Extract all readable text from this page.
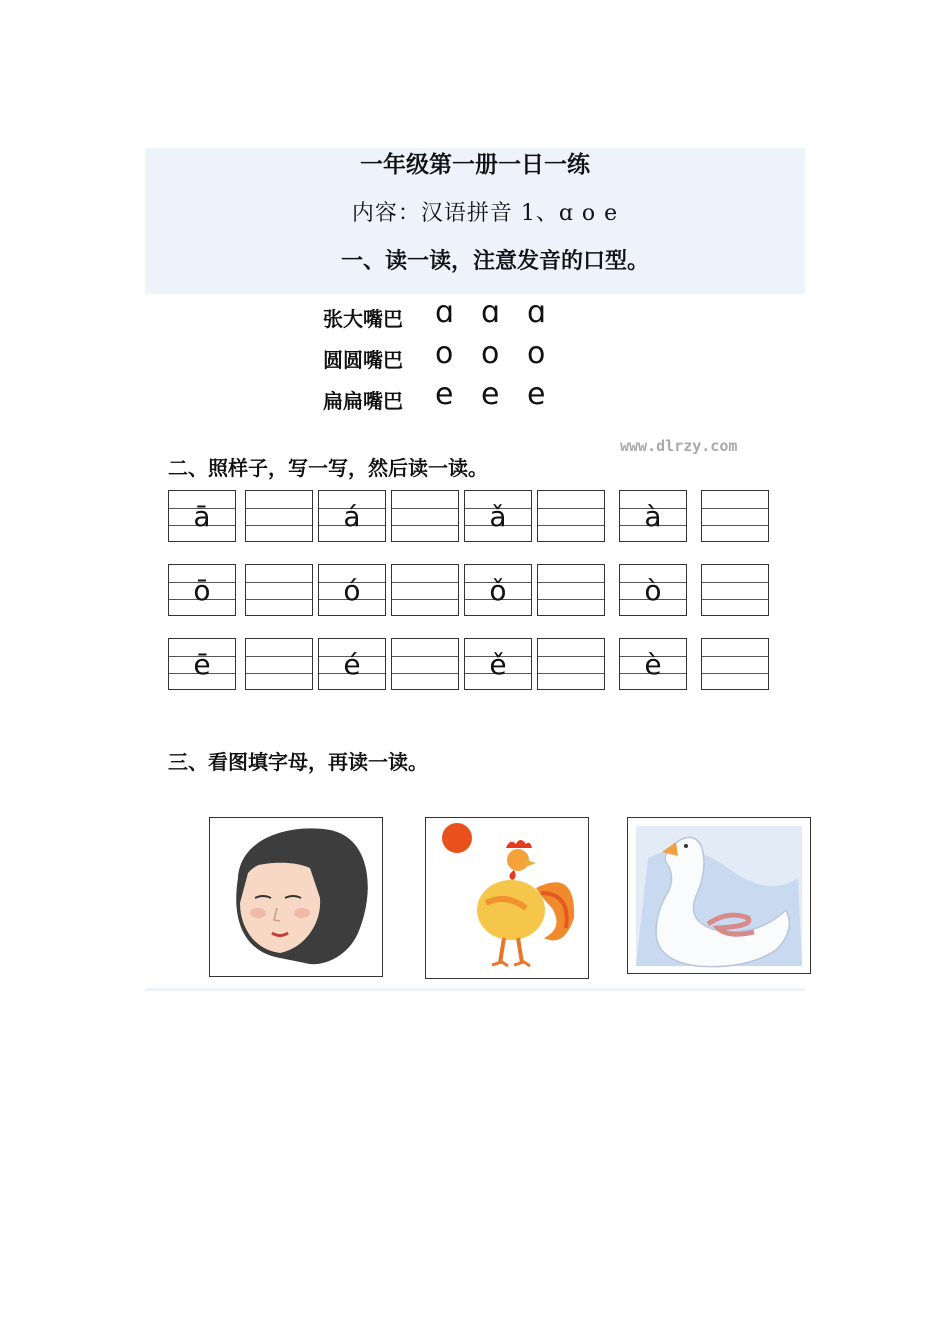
一年级第一册一日一练
内容：汉语拼音 1、ɑ o e
一、读一读，注意发音的口型。
张大嘴巴	ɑ ɑ ɑ
圆圆嘴巴	o o o
扁扁嘴巴	e e e
www.dlrzy.com
二、照样子，写一写，然后读一读。
ā	á	ǎ	à
ō	ó	ǒ	ò
ē	é	ě	è
三、看图填字母，再读一读。
